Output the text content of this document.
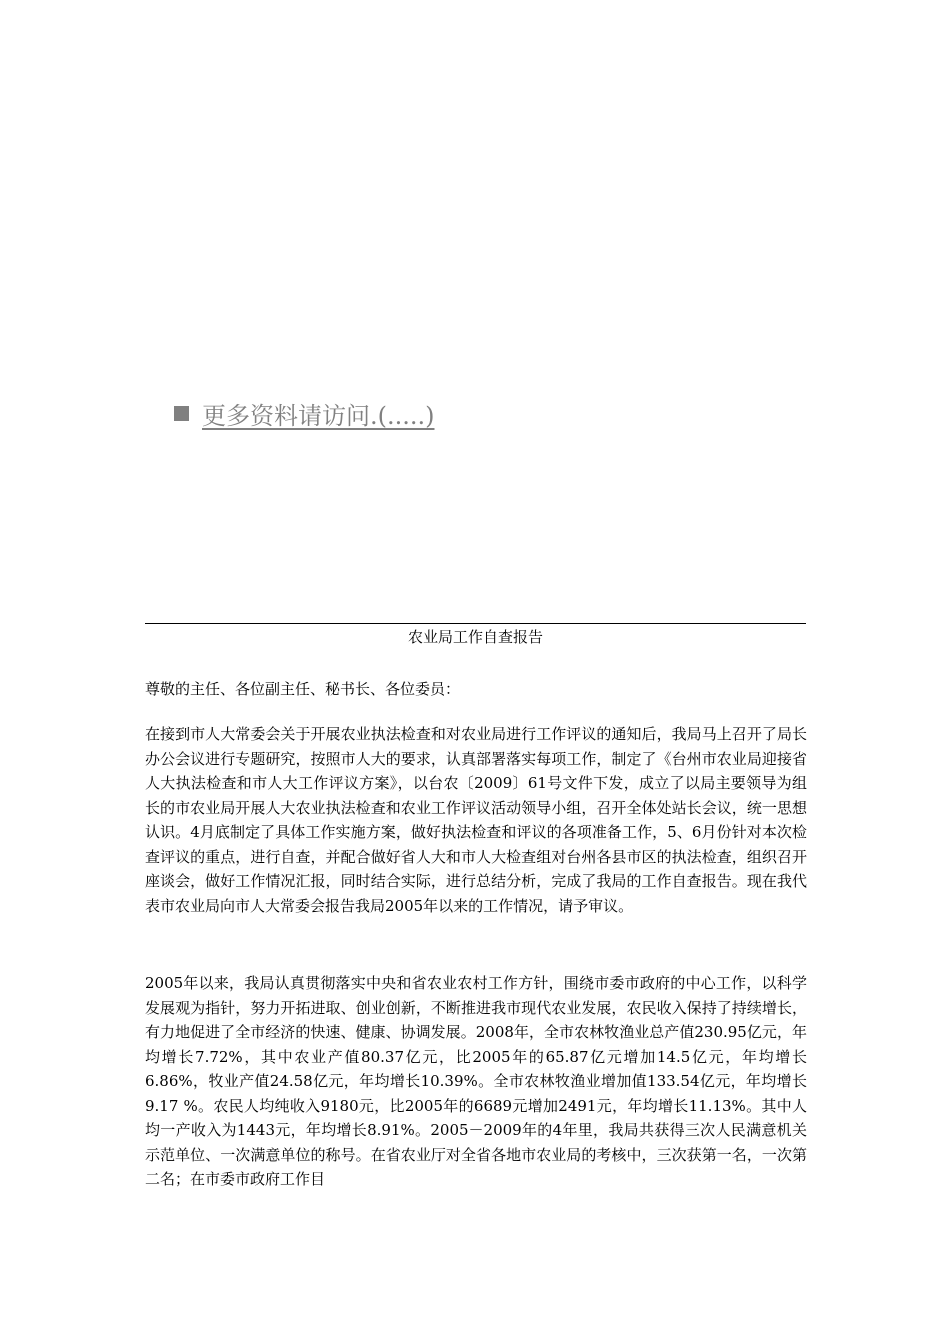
更多资料请访问.(.....)
农业局工作自查报告

尊敬的主任、各位副主任、秘书长、各位委员：

在接到市人大常委会关于开展农业执法检查和对农业局进行工作评议的通知后，我局马上召开了局长办公会议进行专题研究，按照市人大的要求，认真部署落实每项工作，制定了《台州市农业局迎接省人大执法检查和市人大工作评议方案》，以台农〔2009〕61号文件下发，成立了以局主要领导为组长的市农业局开展人大农业执法检查和农业工作评议活动领导小组，召开全体处站长会议，统一思想认识。4月底制定了具体工作实施方案，做好执法检查和评议的各项准备工作，5、6月份针对本次检查评议的重点，进行自查，并配合做好省人大和市人大检查组对台州各县市区的执法检查，组织召开座谈会，做好工作情况汇报，同时结合实际，进行总结分析，完成了我局的工作自查报告。现在我代表市农业局向市人大常委会报告我局2005年以来的工作情况，请予审议。

2005年以来，我局认真贯彻落实中央和省农业农村工作方针，围绕市委市政府的中心工作，以科学发展观为指针，努力开拓进取、创业创新，不断推进我市现代农业发展，农民收入保持了持续增长，有力地促进了全市经济的快速、健康、协调发展。2008年，全市农林牧渔业总产值230.95亿元，年均增长7.72%，其中农业产值80.37亿元，比2005年的65.87亿元增加14.5亿元，年均增长6.86%，牧业产值24.58亿元，年均增长10.39%。全市农林牧渔业增加值133.54亿元，年均增长9.17 %。农民人均纯收入9180元，比2005年的6689元增加2491元，年均增长11.13%。其中人均一产收入为1443元，年均增长8.91%。2005－2009年的4年里，我局共获得三次人民满意机关示范单位、一次满意单位的称号。在省农业厅对全省各地市农业局的考核中，三次获第一名，一次第二名；在市委市政府工作目
